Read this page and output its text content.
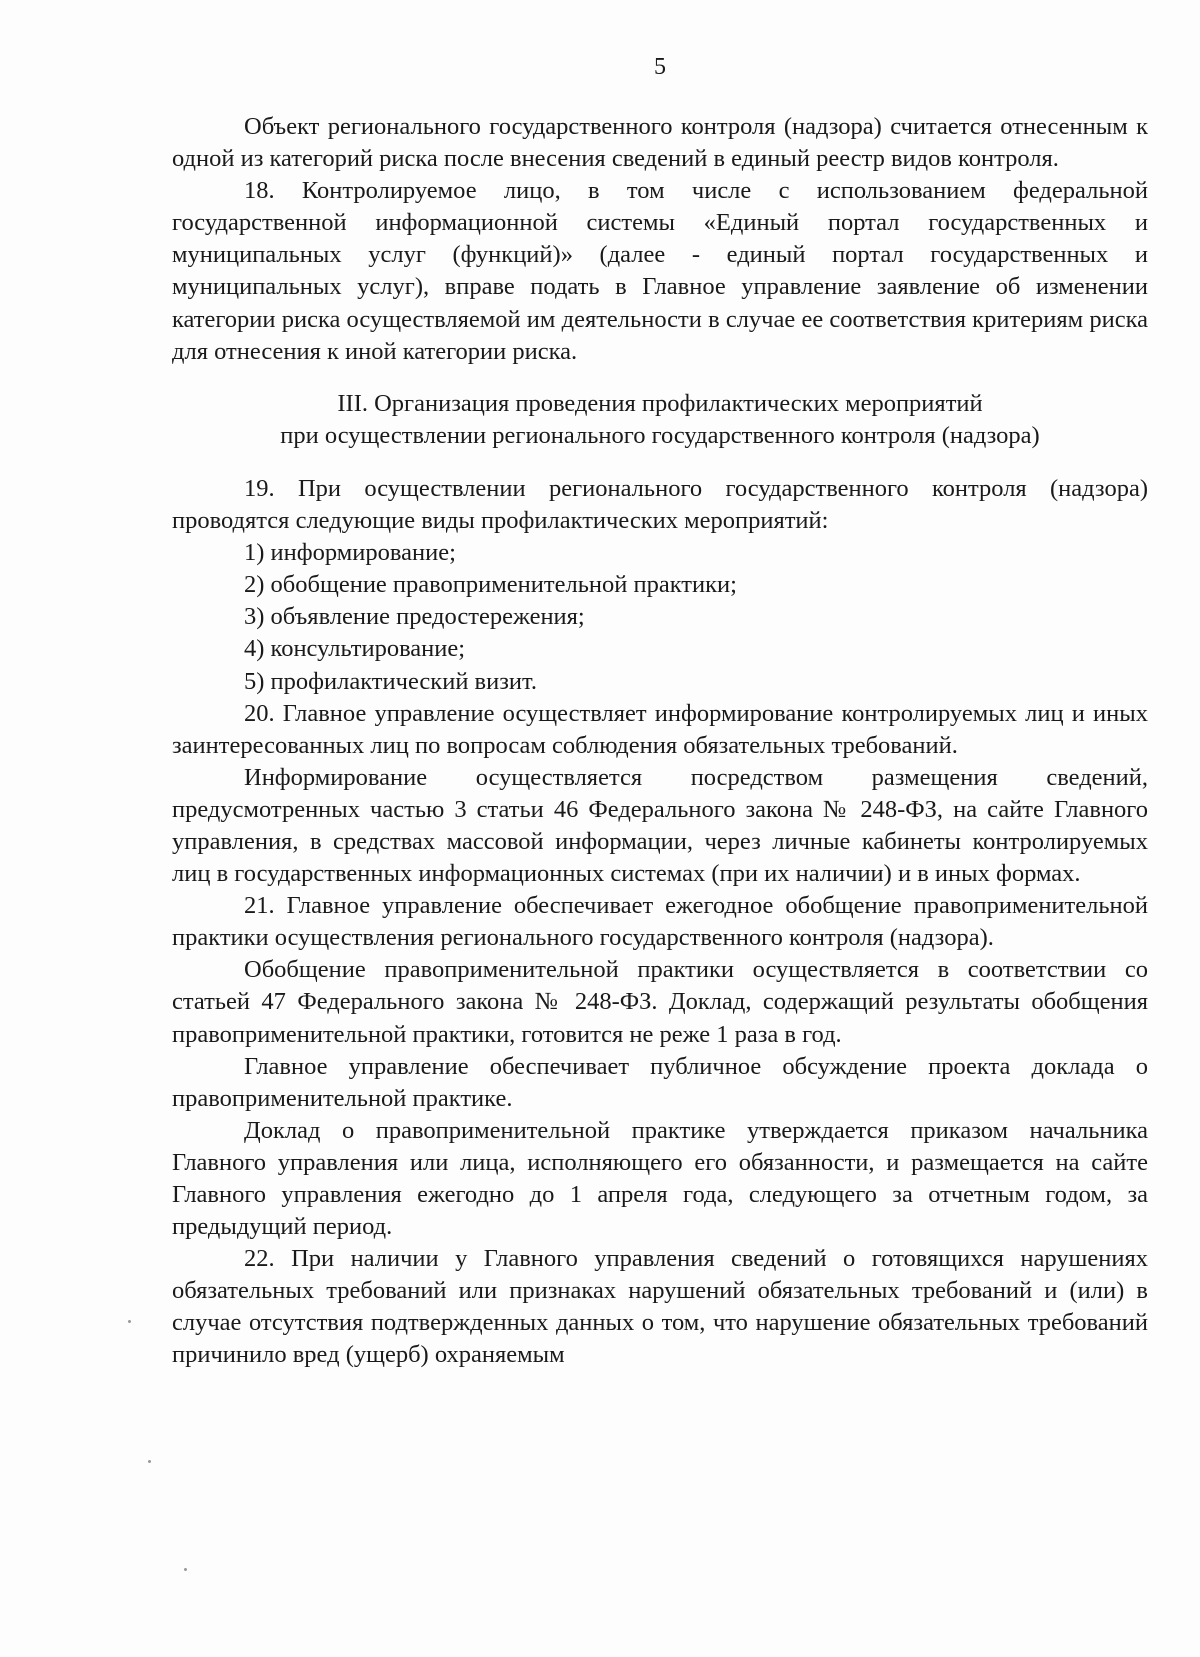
5

Объект регионального государственного контроля (надзора) считается отнесенным к одной из категорий риска после внесения сведений в единый реестр видов контроля.

18. Контролируемое лицо, в том числе с использованием федеральной государственной информационной системы «Единый портал государственных и муниципальных услуг (функций)» (далее - единый портал государственных и муниципальных услуг), вправе подать в Главное управление заявление об изменении категории риска осуществляемой им деятельности в случае ее соответствия критериям риска для отнесения к иной категории риска.

III. Организация проведения профилактических мероприятий
при осуществлении регионального государственного контроля (надзора)

19. При осуществлении регионального государственного контроля (надзора) проводятся следующие виды профилактических мероприятий:

1) информирование;

2) обобщение правоприменительной практики;

3) объявление предостережения;

4) консультирование;

5) профилактический визит.

20. Главное управление осуществляет информирование контролируемых лиц и иных заинтересованных лиц по вопросам соблюдения обязательных требований.

Информирование осуществляется посредством размещения сведений, предусмотренных частью 3 статьи 46 Федерального закона № 248-ФЗ, на сайте Главного управления, в средствах массовой информации, через личные кабинеты контролируемых лиц в государственных информационных системах (при их наличии) и в иных формах.

21. Главное управление обеспечивает ежегодное обобщение правоприменительной практики осуществления регионального государственного контроля (надзора).

Обобщение правоприменительной практики осуществляется в соответствии со статьей 47 Федерального закона № 248-ФЗ. Доклад, содержащий результаты обобщения правоприменительной практики, готовится не реже 1 раза в год.

Главное управление обеспечивает публичное обсуждение проекта доклада о правоприменительной практике.

Доклад о правоприменительной практике утверждается приказом начальника Главного управления или лица, исполняющего его обязанности, и размещается на сайте Главного управления ежегодно до 1 апреля года, следующего за отчетным годом, за предыдущий период.

22. При наличии у Главного управления сведений о готовящихся нарушениях обязательных требований или признаках нарушений обязательных требований и (или) в случае отсутствия подтвержденных данных о том, что нарушение обязательных требований причинило вред (ущерб) охраняемым
